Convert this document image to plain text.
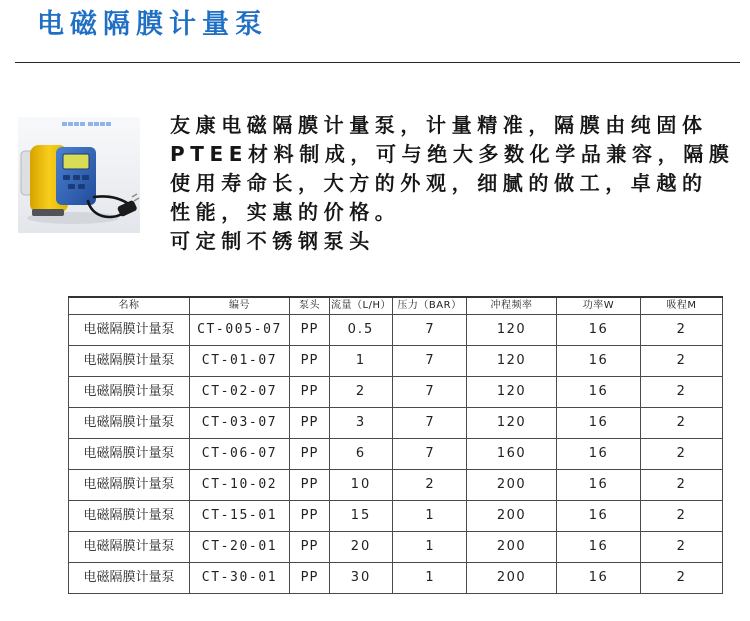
电磁隔膜计量泵
友康电磁隔膜计量泵，计量精准，隔膜由纯固体
PTEE材料制成，可与绝大多数化学品兼容，隔膜
使用寿命长，大方的外观，细腻的做工，卓越的
性能，实惠的价格。
可定制不锈钢泵头
名称	编号	泵头	流量（L/H）	压力（BAR）	冲程频率	功率W	吸程M
电磁隔膜计量泵	CT-005-07	PP	0.5	7	120	16	2
电磁隔膜计量泵	CT-01-07	PP	1	7	120	16	2
电磁隔膜计量泵	CT-02-07	PP	2	7	120	16	2
电磁隔膜计量泵	CT-03-07	PP	3	7	120	16	2
电磁隔膜计量泵	CT-06-07	PP	6	7	160	16	2
电磁隔膜计量泵	CT-10-02	PP	10	2	200	16	2
电磁隔膜计量泵	CT-15-01	PP	15	1	200	16	2
电磁隔膜计量泵	CT-20-01	PP	20	1	200	16	2
电磁隔膜计量泵	CT-30-01	PP	30	1	200	16	2
